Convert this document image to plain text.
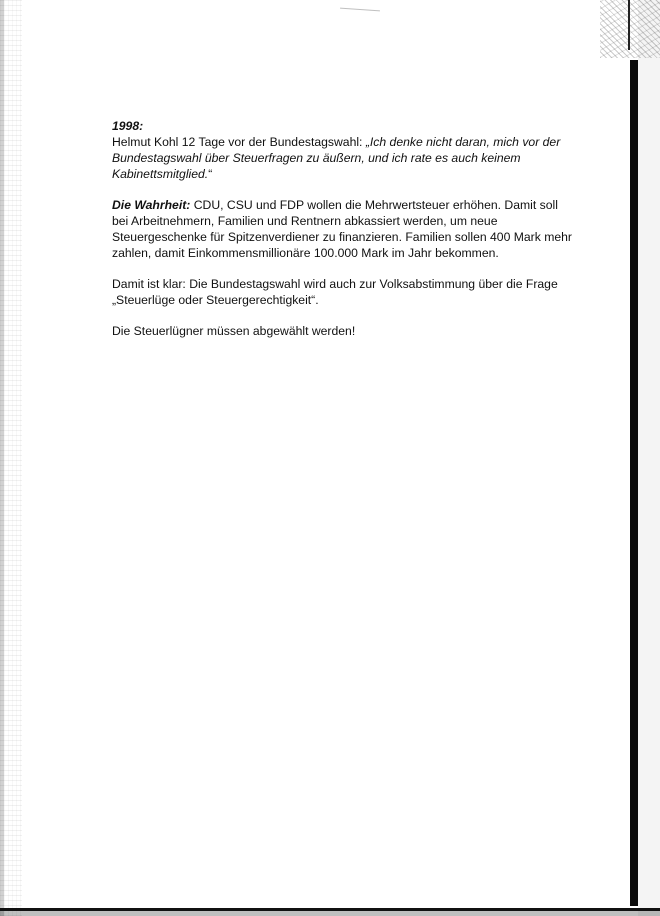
1998:
Helmut Kohl 12 Tage vor der Bundestagswahl: „Ich denke nicht daran, mich vor der Bundestagswahl über Steuerfragen zu äußern, und ich rate es auch keinem Kabinettsmitglied.“

Die Wahrheit: CDU, CSU und FDP wollen die Mehrwertsteuer erhöhen. Damit soll bei Arbeitnehmern, Familien und Rentnern abkassiert werden, um neue Steuergeschenke für Spitzenverdiener zu finanzieren. Familien sollen 400 Mark mehr zahlen, damit Einkommensmillionäre 100.000 Mark im Jahr bekommen.

Damit ist klar: Die Bundestagswahl wird auch zur Volksabstimmung über die Frage „Steuerlüge oder Steuergerechtigkeit“.

Die Steuerlügner müssen abgewählt werden!
